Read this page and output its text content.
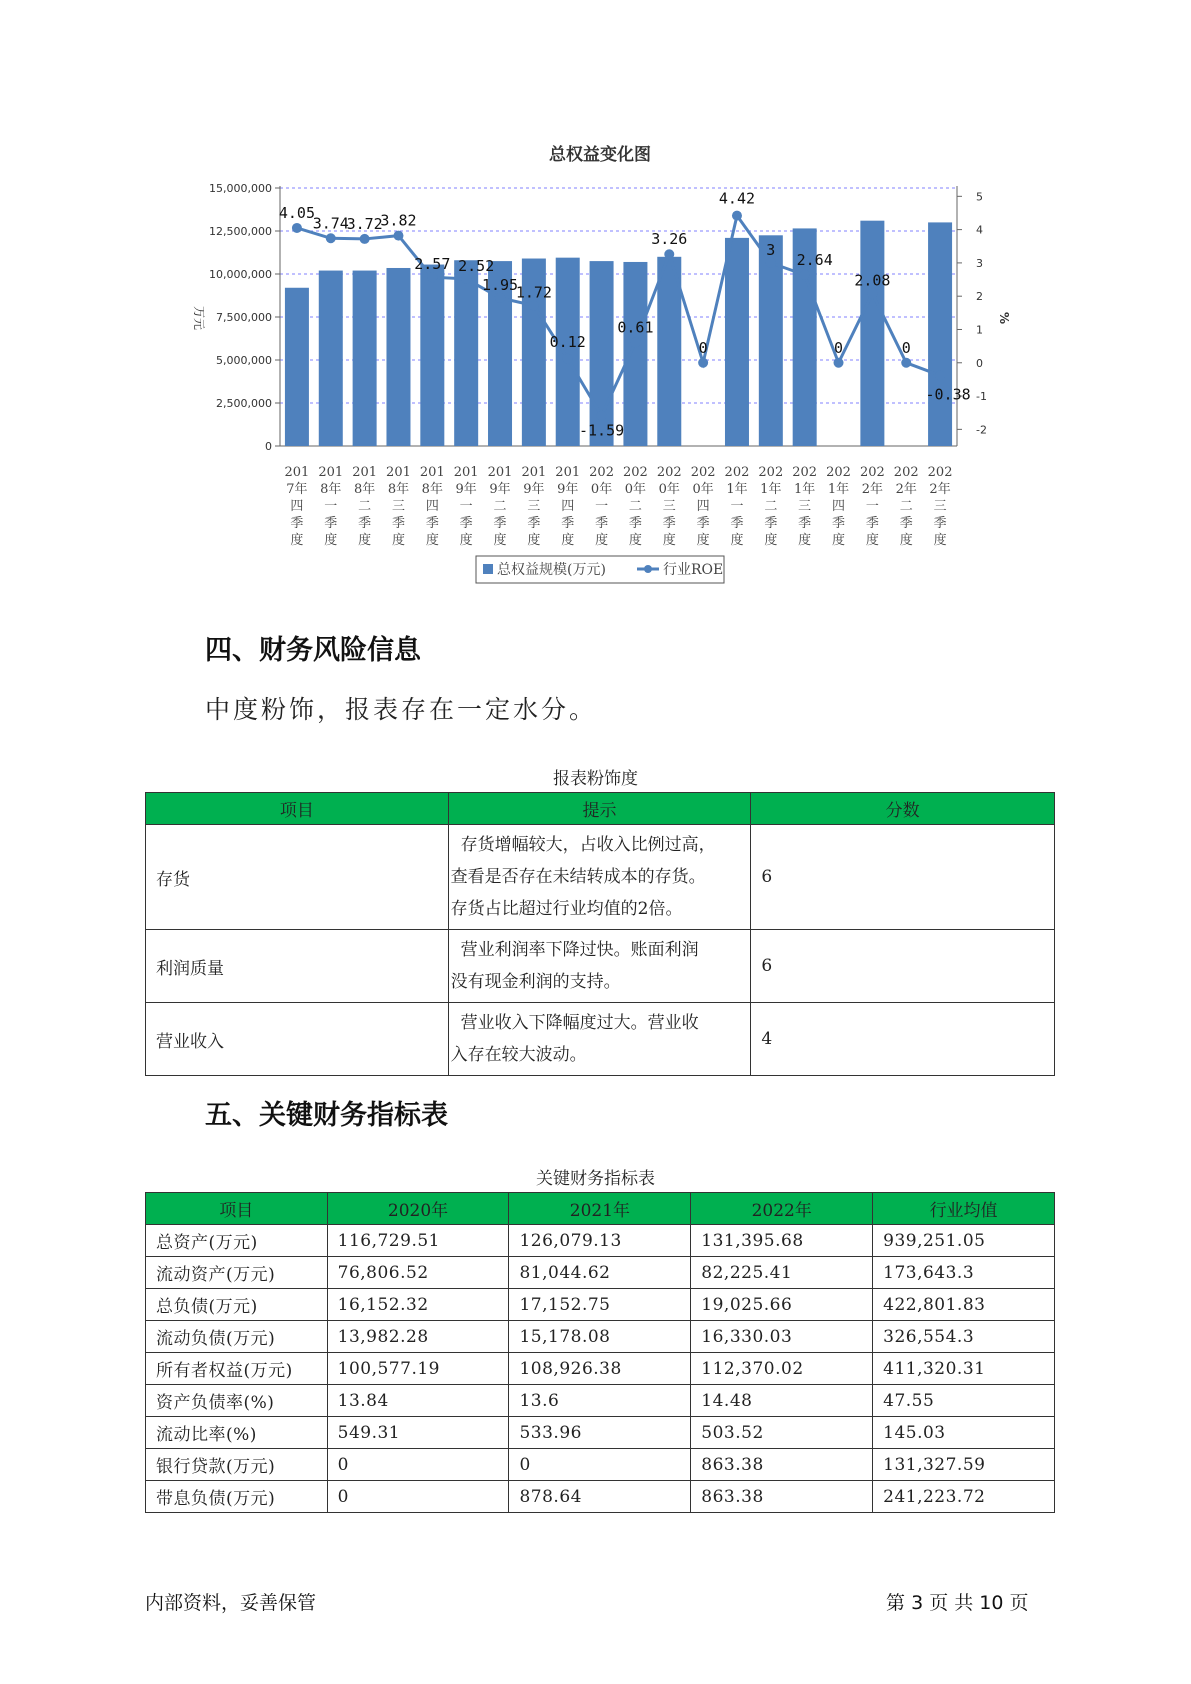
总权益变化图
0
2,500,000
5,000,000
7,500,000
10,000,000
12,500,000
15,000,000
-2
-1
0
1
2
3
4
5
万元	%
201
7年
四
季
度
201
8年
一
季
度
201
8年
二
季
度
201
8年
三
季
度
201
8年
四
季
度
201
9年
一
季
度
201
9年
二
季
度
201
9年
三
季
度
201
9年
四
季
度
202
0年
一
季
度
202
0年
二
季
度
202
0年
三
季
度
202
0年
四
季
度
202
1年
一
季
度
202
1年
二
季
度
202
1年
三
季
度
202
1年
四
季
度
202
2年
一
季
度
202
2年
二
季
度
202
2年
三
季
度
4.05
3.74
3.72
3.82
2.57 2.52
1.95
1.72
0.12
-1.59
0.61
3.26
0
4.42
3
2.64
0
2.08
0
-0.38
总权益规模(万元)	行业ROE
四、财务风险信息

中度粉饰，报表存在一定水分。

报表粉饰度
项目	提示	分数
存货	存货增幅较大，占收入比例过高，
查看是否存在未结转成本的存货。
存货占比超过行业均值的2倍。	6
利润质量	营业利润率下降过快。账面利润
没有现金利润的支持。	6
营业收入	营业收入下降幅度过大。营业收
入存在较大波动。	4
五、关键财务指标表
关键财务指标表
项目	2020年	2021年	2022年	行业均值
总资产(万元)	116,729.51	126,079.13	131,395.68	939,251.05
流动资产(万元)	76,806.52	81,044.62	82,225.41	173,643.3
总负债(万元)	16,152.32	17,152.75	19,025.66	422,801.83
流动负债(万元)	13,982.28	15,178.08	16,330.03	326,554.3
所有者权益(万元)	100,577.19	108,926.38	112,370.02	411,320.31
资产负债率(%)	13.84	13.6	14.48	47.55
流动比率(%)	549.31	533.96	503.52	145.03
银行贷款(万元)	0	0	863.38	131,327.59
带息负债(万元)	0	878.64	863.38	241,223.72
内部资料，妥善保管	第 3 页 共 10 页
